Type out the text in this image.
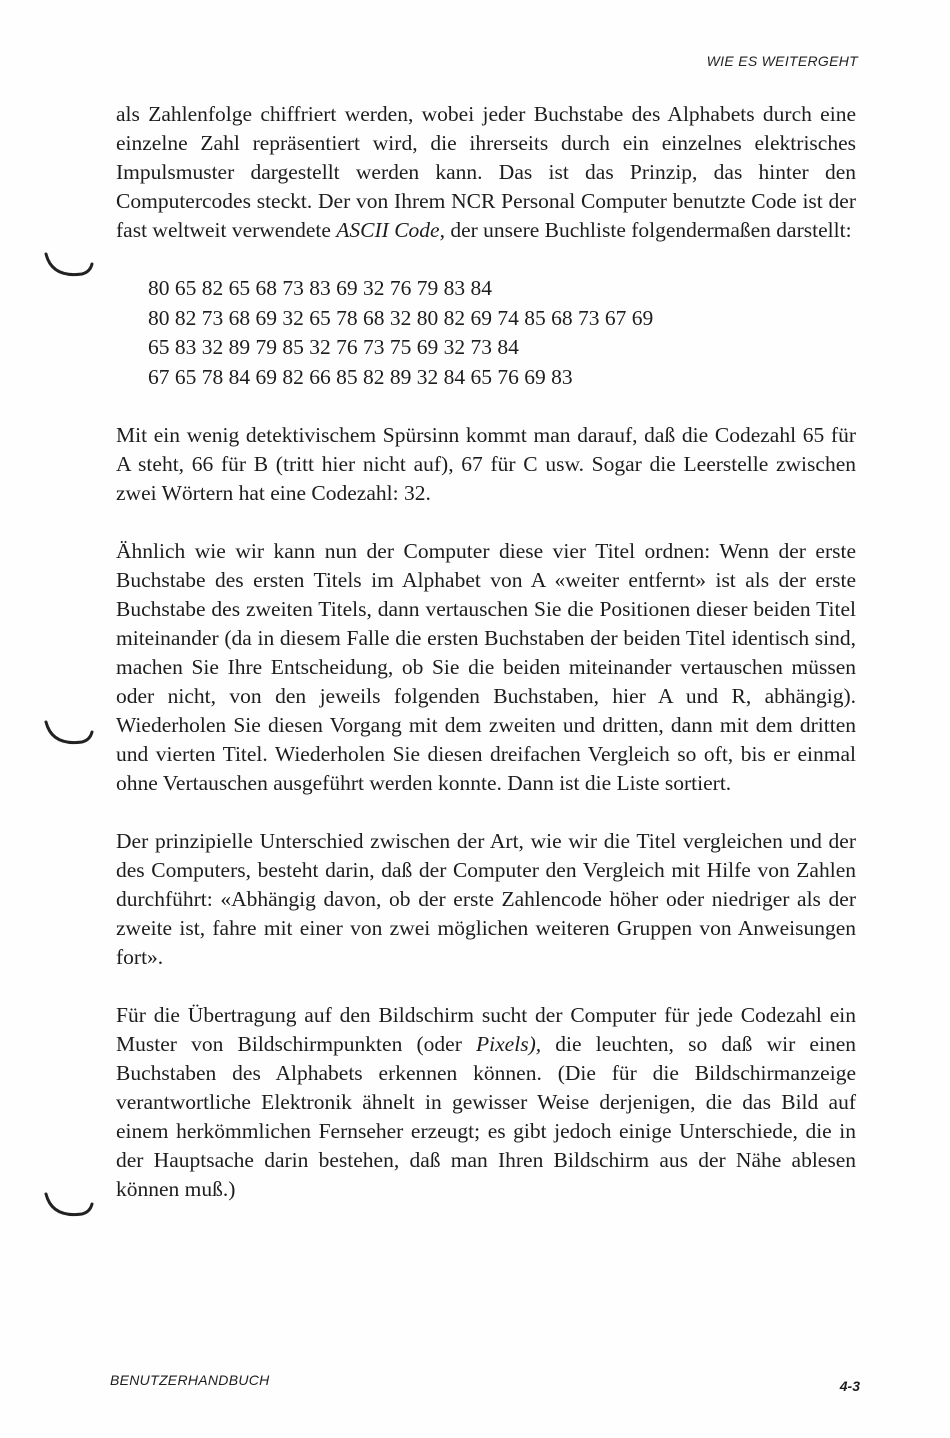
WIE ES WEITERGEHT

als Zahlenfolge chiffriert werden, wobei jeder Buchstabe des Alphabets durch eine einzelne Zahl repräsentiert wird, die ihrerseits durch ein einzelnes elektrisches Impulsmuster dargestellt werden kann. Das ist das Prinzip, das hinter den Computercodes steckt. Der von Ihrem NCR Personal Computer benutzte Code ist der fast weltweit verwendete ASCII Code, der unsere Buchliste folgendermaßen darstellt:

80 65 82 65 68 73 83 69 32 76 79 83 84
80 82 73 68 69 32 65 78 68 32 80 82 69 74 85 68 73 67 69
65 83 32 89 79 85 32 76 73 75 69 32 73 84
67 65 78 84 69 82 66 85 82 89 32 84 65 76 69 83

Mit ein wenig detektivischem Spürsinn kommt man darauf, daß die Codezahl 65 für A steht, 66 für B (tritt hier nicht auf), 67 für C usw. Sogar die Leerstelle zwischen zwei Wörtern hat eine Codezahl: 32.

Ähnlich wie wir kann nun der Computer diese vier Titel ordnen: Wenn der erste Buchstabe des ersten Titels im Alphabet von A «weiter entfernt» ist als der erste Buchstabe des zweiten Titels, dann vertauschen Sie die Positionen dieser beiden Titel miteinander (da in diesem Falle die ersten Buchstaben der beiden Titel identisch sind, machen Sie Ihre Entscheidung, ob Sie die beiden miteinander vertauschen müssen oder nicht, von den jeweils folgenden Buchstaben, hier A und R, abhängig). Wiederholen Sie diesen Vorgang mit dem zweiten und dritten, dann mit dem dritten und vierten Titel. Wiederholen Sie diesen dreifachen Vergleich so oft, bis er einmal ohne Vertauschen ausgeführt werden konnte. Dann ist die Liste sortiert.

Der prinzipielle Unterschied zwischen der Art, wie wir die Titel vergleichen und der des Computers, besteht darin, daß der Computer den Vergleich mit Hilfe von Zahlen durchführt: «Abhängig davon, ob der erste Zahlencode höher oder niedriger als der zweite ist, fahre mit einer von zwei möglichen weiteren Gruppen von Anweisungen fort».

Für die Übertragung auf den Bildschirm sucht der Computer für jede Codezahl ein Muster von Bildschirmpunkten (oder Pixels), die leuchten, so daß wir einen Buchstaben des Alphabets erkennen können. (Die für die Bildschirmanzeige verantwortliche Elektronik ähnelt in gewisser Weise derjenigen, die das Bild auf einem herkömmlichen Fernseher erzeugt; es gibt jedoch einige Unterschiede, die in der Hauptsache darin bestehen, daß man Ihren Bildschirm aus der Nähe ablesen können muß.)

BENUTZERHANDBUCH	4-3
